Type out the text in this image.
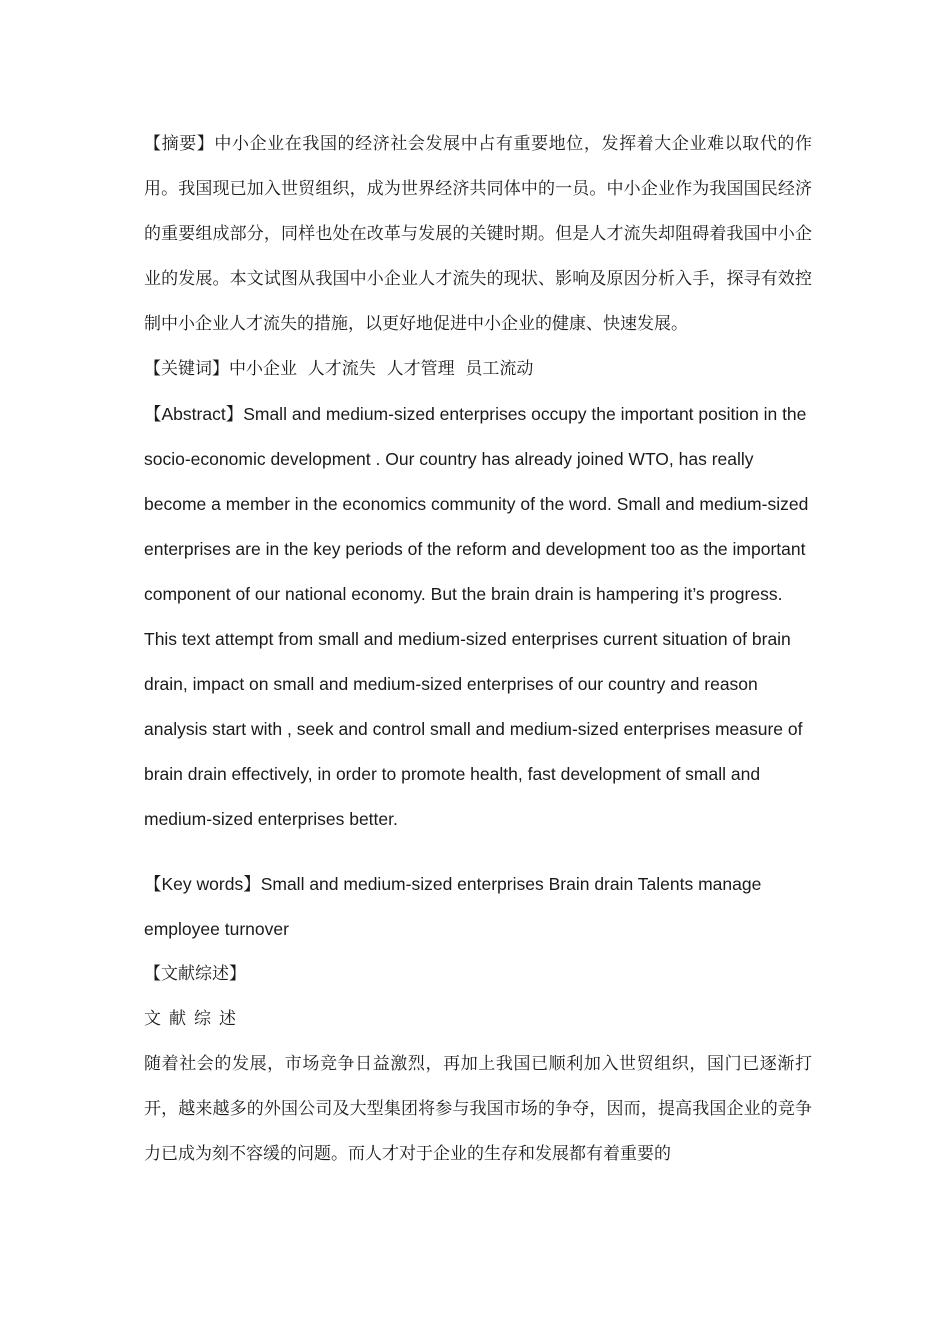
【摘要】中小企业在我国的经济社会发展中占有重要地位，发挥着大企业难以取代的作用。我国现已加入世贸组织，成为世界经济共同体中的一员。中小企业作为我国国民经济的重要组成部分，同样也处在改革与发展的关键时期。但是人才流失却阻碍着我国中小企业的发展。本文试图从我国中小企业人才流失的现状、影响及原因分析入手，探寻有效控制中小企业人才流失的措施，以更好地促进中小企业的健康、快速发展。

【关键词】中小企业  人才流失  人才管理  员工流动

【Abstract】Small and medium-sized enterprises occupy the important position in the socio-economic development . Our country has already joined WTO, has really become a member in the economics community of the word. Small and medium-sized enterprises are in the key periods of the reform and development too as the important component of our national economy. But the brain drain is hampering it’s progress. This text attempt from small and medium-sized enterprises current situation of brain drain, impact on small and medium-sized enterprises of our country and reason analysis start with , seek and control small and medium-sized enterprises measure of brain drain effectively, in order to promote health, fast development of small and medium-sized enterprises better.

【Key words】Small and medium-sized enterprises Brain drain Talents manage employee turnover

【文献综述】

文献综述

随着社会的发展，市场竞争日益激烈，再加上我国已顺利加入世贸组织，国门已逐渐打开，越来越多的外国公司及大型集团将参与我国市场的争夺，因而，提高我国企业的竞争力已成为刻不容缓的问题。而人才对于企业的生存和发展都有着重要的
